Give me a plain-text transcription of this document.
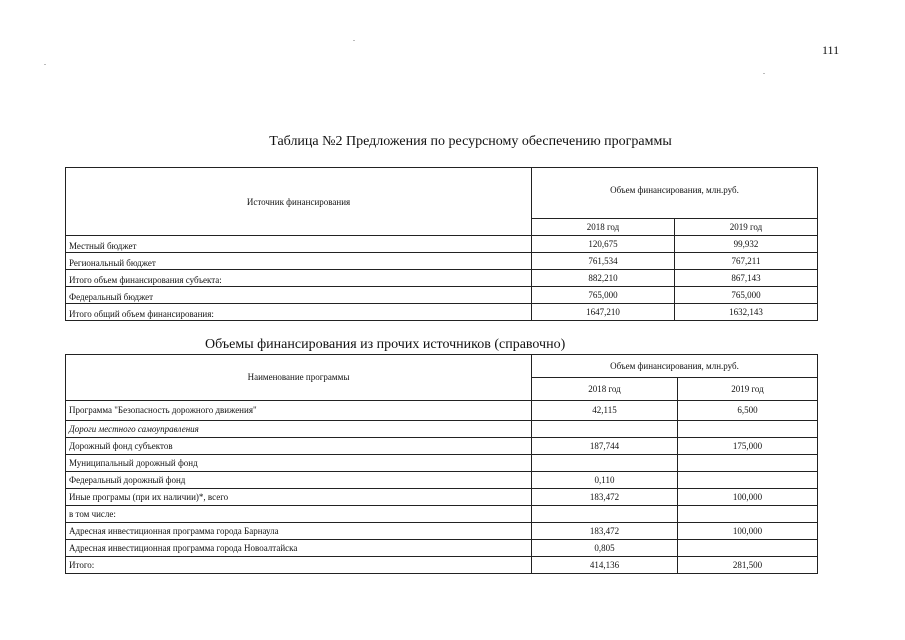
111
Таблица №2 Предложения по ресурсному обеспечению программы
Источник финансирования	Объем финансирования, млн.руб.	
	2018 год	2019 год
Местный бюджет	120,675	99,932
Региональный бюджет	761,534	767,211
Итого объем финансирования субъекта:	882,210	867,143
Федеральный бюджет	765,000	765,000
Итого общий объем финансирования:	1647,210	1632,143
Объемы финансирования из прочих источников (справочно)
Наименование программы	Объем финансирования, млн.руб.	
	2018 год	2019 год
Программа "Безопасность дорожного движения"	42,115	6,500
Дороги местного самоуправления		
Дорожный фонд субъектов	187,744	175,000
Муниципальный дорожный фонд		
Федеральный дорожный фонд	0,110	
Иные програмы (при их наличии)*, всего	183,472	100,000
в том числе:		
Адресная инвестиционная программа города Барнаула	183,472	100,000
Адресная инвестиционная программа города Новоалтайска	0,805	
Итого:	414,136	281,500
